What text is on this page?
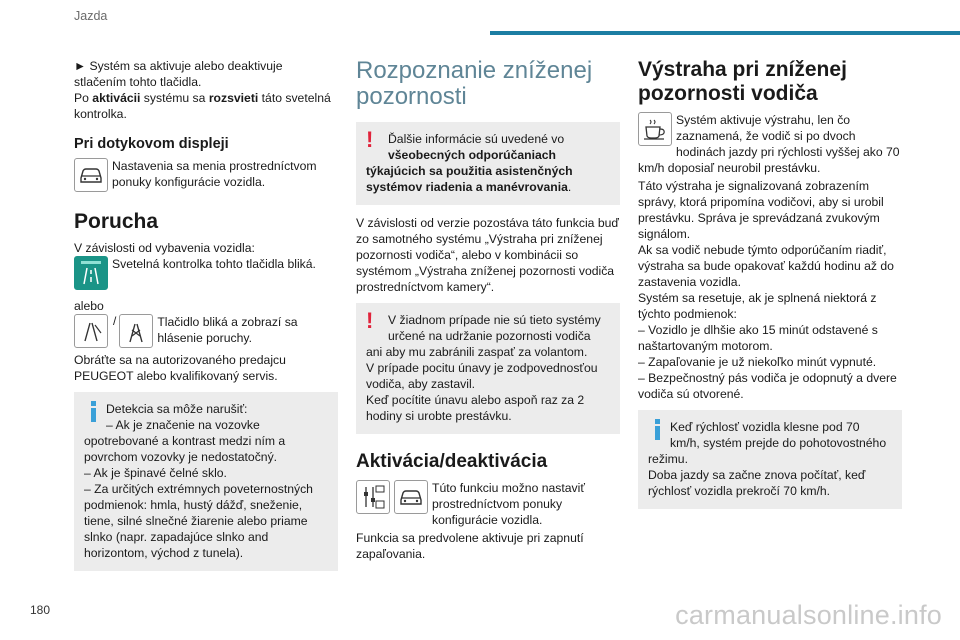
Jazda

► Systém sa aktivuje alebo deaktivuje stlačením tohto tlačidla.

Po aktivácii systému sa rozsvieti táto svetelná kontrolka.

Pri dotykovom displeji

Nastavenia sa menia prostredníctvom ponuky konfigurácie vozidla.

Porucha

V závislosti od vybavenia vozidla:

Svetelná kontrolka tohto tlačidla bliká.

alebo

/	Tlačidlo bliká a zobrazí sa hlásenie poruchy.

Obráťte sa na autorizovaného predajcu PEUGEOT alebo kvalifikovaný servis.

Detekcia sa môže narušiť:

– Ak je značenie na vozovke opotrebované a kontrast medzi ním a povrchom vozovky je nedostatočný.

– Ak je špinavé čelné sklo.

– Za určitých extrémnych poveternostných podmienok: hmla, hustý dážď, sneženie, tiene, silné slnečné žiarenie alebo priame slnko (napr. zapadajúce slnko and horizontom, východ z tunela).

Rozpoznanie zníženej pozornosti
!	Ďalšie informácie sú uvedené vo všeobecných odporúčaniach týkajúcich sa použitia asistenčných systémov riadenia a manévrovania.

V závislosti od verzie pozostáva táto funkcia buď zo samotného systému „Výstraha pri zníženej pozornosti vodiča“, alebo v kombinácii so systémom „Výstraha zníženej pozornosti vodiča prostredníctvom kamery“.

!	V žiadnom prípade nie sú tieto systémy určené na udržanie pozornosti vodiča ani aby mu zabránili zaspať za volantom.

V prípade pocitu únavy je zodpovednosťou vodiča, aby zastavil.

Keď pocítite únavu alebo aspoň raz za 2 hodiny si urobte prestávku.

Aktivácia/deaktivácia

Túto funkciu možno nastaviť prostredníctvom ponuky konfigurácie vozidla.

Funkcia sa predvolene aktivuje pri zapnutí zapaľovania.

Výstraha pri zníženej pozornosti vodiča

Systém aktivuje výstrahu, len čo zaznamená, že vodič si po dvoch hodinách jazdy pri rýchlosti vyššej ako 70 km/h doposiaľ neurobil prestávku.

Táto výstraha je signalizovaná zobrazením správy, ktorá pripomína vodičovi, aby si urobil prestávku. Správa je sprevádzaná zvukovým signálom.

Ak sa vodič nebude týmto odporúčaním riadiť, výstraha sa bude opakovať každú hodinu až do zastavenia vozidla.

Systém sa resetuje, ak je splnená niektorá z týchto podmienok:

– Vozidlo je dlhšie ako 15 minút odstavené s naštartovaným motorom.

– Zapaľovanie je už niekoľko minút vypnuté.

– Bezpečnostný pás vodiča je odopnutý a dvere vodiča sú otvorené.

Keď rýchlosť vozidla klesne pod 70 km/h, systém prejde do pohotovostného režimu.

Doba jazdy sa začne znova počítať, keď rýchlosť vozidla prekročí 70 km/h.

180	carmanualsonline.info
